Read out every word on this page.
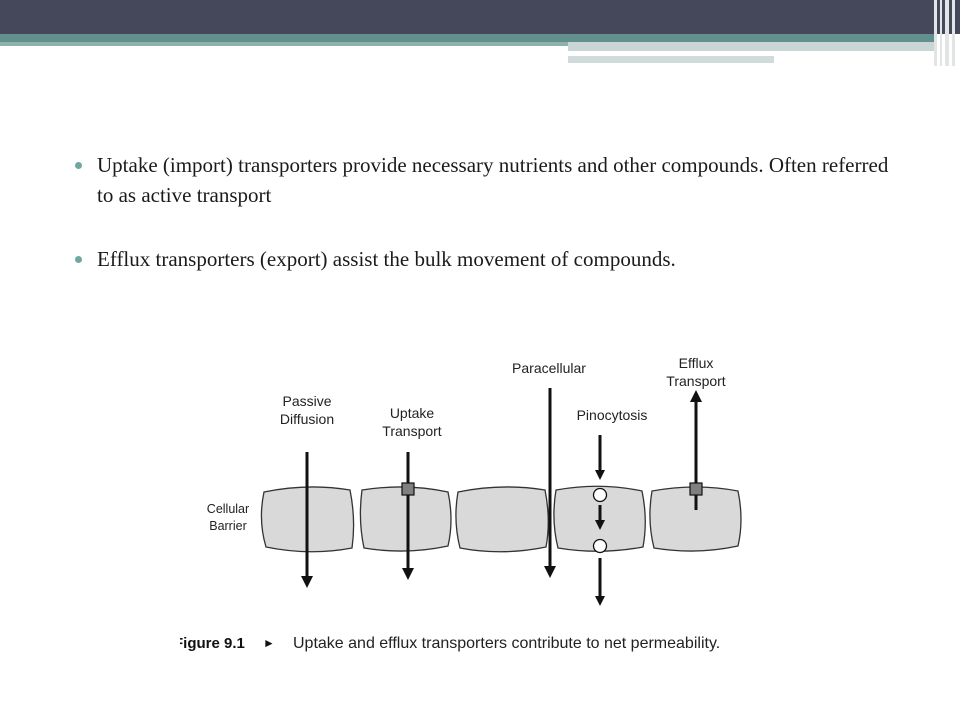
Uptake (import) transporters provide necessary nutrients and other compounds. Often referred to as active transport
Efflux transporters (export) assist the bulk movement of compounds.
Passive
Diffusion	Uptake
Transport
Paracellular
Pinocytosis
Efflux
Transport
Cellular
Barrier
Figure 9.1 ► Uptake and efflux transporters contribute to net permeability.
